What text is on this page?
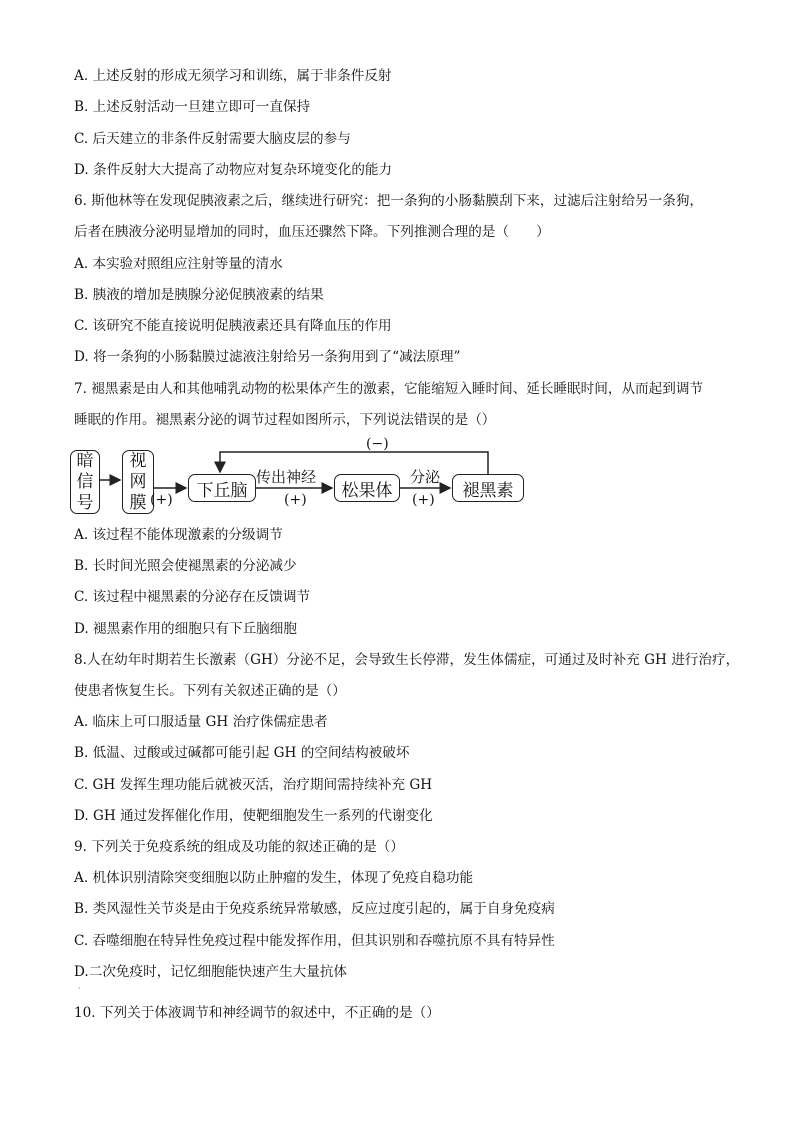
A. 上述反射的形成无须学习和训练，属于非条件反射
B. 上述反射活动一旦建立即可一直保持
C. 后天建立的非条件反射需要大脑皮层的参与
D. 条件反射大大提高了动物应对复杂环境变化的能力
6. 斯他林等在发现促胰液素之后，继续进行研究：把一条狗的小肠黏膜刮下来，过滤后注射给另一条狗，
后者在胰液分泌明显增加的同时，血压还骤然下降。下列推测合理的是（　　）
A. 本实验对照组应注射等量的清水
B. 胰液的增加是胰腺分泌促胰液素的结果
C. 该研究不能直接说明促胰液素还具有降血压的作用
D. 将一条狗的小肠黏膜过滤液注射给另一条狗用到了“减法原理”
7. 褪黑素是由人和其他哺乳动物的松果体产生的激素，它能缩短入睡时间、延长睡眠时间，从而起到调节
睡眠的作用。褪黑素分泌的调节过程如图所示，下列说法错误的是（）
暗
信
号
视
网
膜 (+)	下丘脑
传出神经
(+)	松果体
分泌
(+)	褪黑素
(−)
A. 该过程不能体现激素的分级调节
B. 长时间光照会使褪黑素的分泌减少
C. 该过程中褪黑素的分泌存在反馈调节
D. 褪黑素作用的细胞只有下丘脑细胞
8.人在幼年时期若生长激素（GH）分泌不足，会导致生长停滞，发生体儒症，可通过及时补充 GH 进行治疗，
使患者恢复生长。下列有关叙述正确的是（）
A. 临床上可口服适量 GH 治疗侏儒症患者
B. 低温、过酸或过碱都可能引起 GH 的空间结构被破坏
C. GH 发挥生理功能后就被灭活，治疗期间需持续补充 GH
D. GH 通过发挥催化作用，使靶细胞发生一系列的代谢变化
9. 下列关于免疫系统的组成及功能的叙述正确的是（）
A. 机体识别清除突变细胞以防止肿瘤的发生，体现了免疫自稳功能
B. 类风湿性关节炎是由于免疫系统异常敏感，反应过度引起的，属于自身免疫病
C. 吞噬细胞在特异性免疫过程中能发挥作用，但其识别和吞噬抗原不具有特异性
D.二次免疫时，记忆细胞能快速产生大量抗体
·
10. 下列关于体液调节和神经调节的叙述中，不正确的是（）
